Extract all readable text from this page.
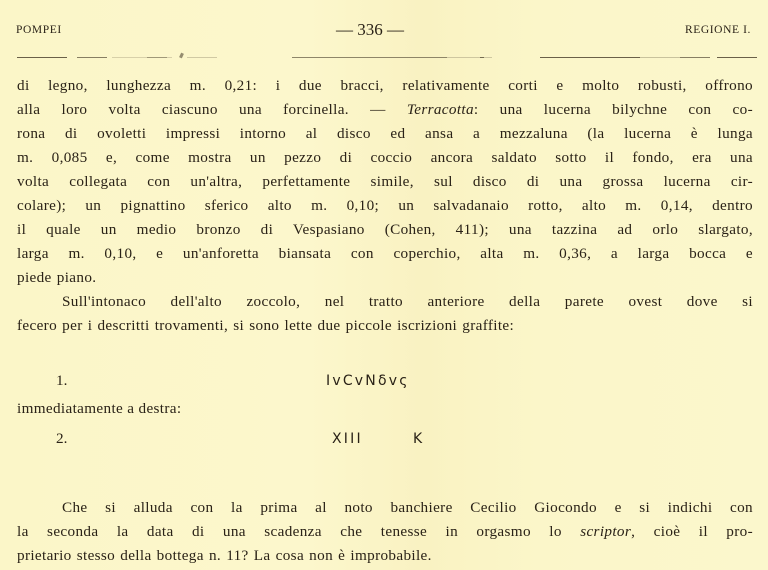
POMPEI	— 336 —	REGIONE I.
di legno, lunghezza m. 0,21: i due bracci, relativamente corti e molto robusti, offrono
alla loro volta ciascuno una forcinella. — Terracotta: una lucerna bilychne con co-
rona di ovoletti impressi intorno al disco ed ansa a mezzaluna (la lucerna è lunga
m. 0,085 e, come mostra un pezzo di coccio ancora saldato sotto il fondo, era una
volta collegata con un'altra, perfettamente simile, sul disco di una grossa lucerna cir-
colare); un pignattino sferico alto m. 0,10; un salvadanaio rotto, alto m. 0,14, dentro
il quale un medio bronzo di Vespasiano (Cohen, 411); una tazzina ad orlo slargato,
larga m. 0,10, e un'anforetta biansata con coperchio, alta m. 0,36, a larga bocca e
piede piano.
Sull'intonaco dell'alto zoccolo, nel tratto anteriore della parete ovest dove si
fecero per i descritti trovamenti, si sono lette due piccole iscrizioni graffite:
1.	IvCvNδvς
immediatamente a destra:
2.	XIII	K
Che si alluda con la prima al noto banchiere Cecilio Giocondo e si indichi con
la seconda la data di una scadenza che tenesse in orgasmo lo scriptor, cioè il pro-
prietario stesso della bottega n. 11? La cosa non è improbabile.
